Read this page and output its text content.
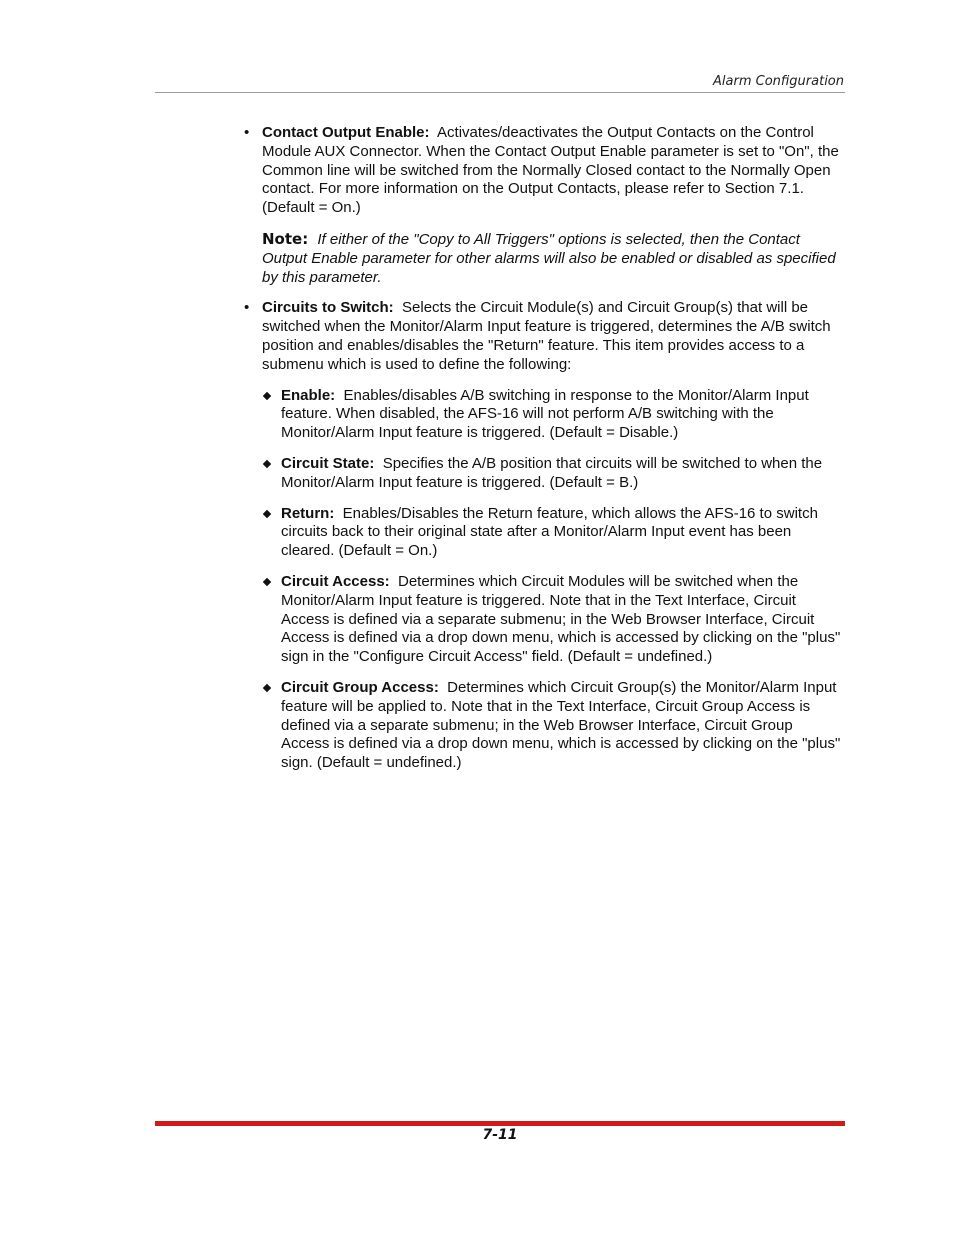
Alarm Configuration
• Contact Output Enable: Activates/deactivates the Output Contacts on the Control Module AUX Connector. When the Contact Output Enable parameter is set to "On", the Common line will be switched from the Normally Closed contact to the Normally Open contact. For more information on the Output Contacts, please refer to Section 7.1. (Default = On.)
Note: If either of the "Copy to All Triggers" options is selected, then the Contact Output Enable parameter for other alarms will also be enabled or disabled as specified by this parameter.
• Circuits to Switch: Selects the Circuit Module(s) and Circuit Group(s) that will be switched when the Monitor/Alarm Input feature is triggered, determines the A/B switch position and enables/disables the "Return" feature. This item provides access to a submenu which is used to define the following:
Enable: Enables/disables A/B switching in response to the Monitor/Alarm Input feature. When disabled, the AFS-16 will not perform A/B switching with the Monitor/Alarm Input feature is triggered. (Default = Disable.)
Circuit State: Specifies the A/B position that circuits will be switched to when the Monitor/Alarm Input feature is triggered. (Default = B.)
Return: Enables/Disables the Return feature, which allows the AFS-16 to switch circuits back to their original state after a Monitor/Alarm Input event has been cleared. (Default = On.)
Circuit Access: Determines which Circuit Modules will be switched when the Monitor/Alarm Input feature is triggered. Note that in the Text Interface, Circuit Access is defined via a separate submenu; in the Web Browser Interface, Circuit Access is defined via a drop down menu, which is accessed by clicking on the "plus" sign in the "Configure Circuit Access" field. (Default = undefined.)
Circuit Group Access: Determines which Circuit Group(s) the Monitor/Alarm Input feature will be applied to. Note that in the Text Interface, Circuit Group Access is defined via a separate submenu; in the Web Browser Interface, Circuit Group Access is defined via a drop down menu, which is accessed by clicking on the "plus" sign. (Default = undefined.)
7-11
